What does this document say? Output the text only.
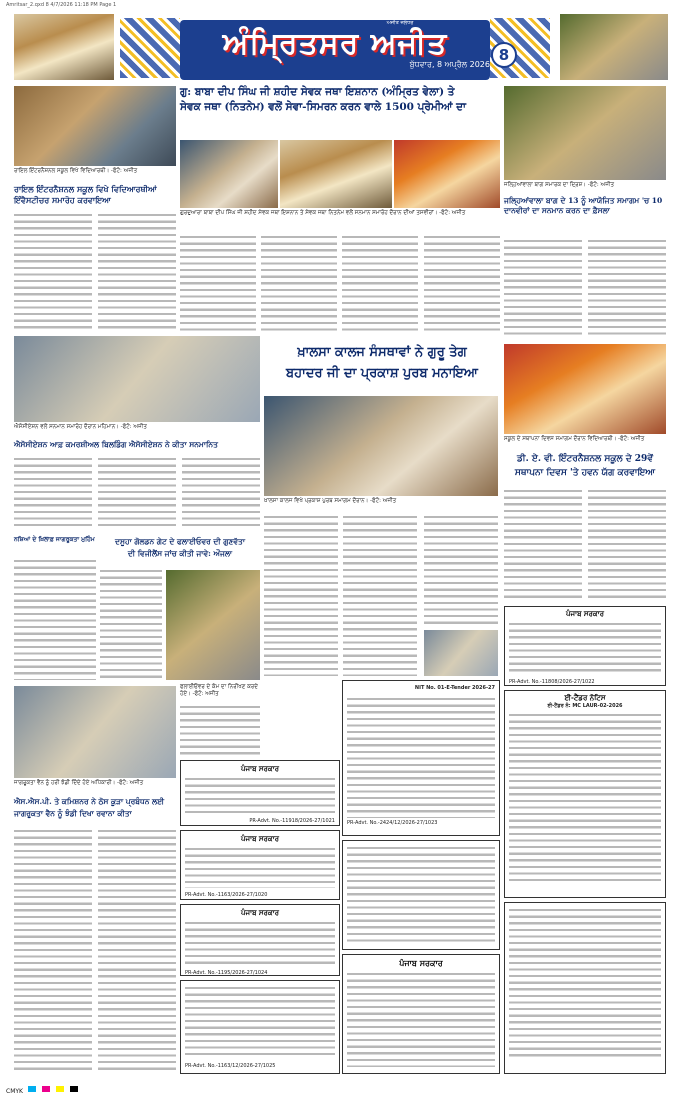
Amritsar_2.qxd 8 4/7/2026 11:18 PM Page 1
ਅਜੀਤ ਜਲੰਧਰ
ਅੰਮ੍ਰਿਤਸਰ ਅਜੀਤ
ਬੁੱਧਵਾਰ, 8 ਅਪ੍ਰੈਲ 2026
8
ਗੁ: ਬਾਬਾ ਦੀਪ ਸਿੰਘ ਜੀ ਸ਼ਹੀਦ ਸੇਵਕ ਜਥਾ ਇਸ਼ਨਾਨ (ਅੰਮ੍ਰਿਤ ਵੇਲਾ) ਤੇ
ਸੇਵਕ ਜਥਾ (ਨਿਤਨੇਮ) ਵਲੋਂ ਸੇਵਾ-ਸਿਮਰਨ ਕਰਨ ਵਾਲੇ 1500 ਪ੍ਰੇਮੀਆਂ ਦਾ
ਰਾਇਲ ਇੰਟਰਨੈਸ਼ਨਲ ਸਕੂਲ ਵਿਖੇ ਵਿਦਿਆਰਥੀ। -ਫੋਟੋ: ਅਜੀਤ
ਰਾਇਲ ਇੰਟਰਨੈਸ਼ਨਲ ਸਕੂਲ ਵਿਖੇ ਵਿਦਿਆਰਥੀਆਂ ਇੰਵੈਸਟੀਚਰ ਸਮਾਰੋਹ ਕਰਵਾਇਆ
ਗੁਰਦੁਆਰਾ ਬਾਬਾ ਦੀਪ ਸਿੰਘ ਜੀ ਸ਼ਹੀਦ ਸੇਵਕ ਜਥਾ ਇਸ਼ਨਾਨ ਤੇ ਸੇਵਕ ਜਥਾ ਨਿਤਨੇਮ ਵਲੋਂ ਸਨਮਾਨ ਸਮਾਰੋਹ ਦੌਰਾਨ ਦੀਆਂ ਤਸਵੀਰਾਂ। -ਫੋਟੋ: ਅਜੀਤ
ਜਲ੍ਹਿਆਂਵਾਲਾ ਬਾਗ ਸਮਾਰਕ ਦਾ ਦ੍ਰਿਸ਼। -ਫੋਟੋ: ਅਜੀਤ
ਜਲ੍ਹਿਆਂਵਾਲਾ ਬਾਗ ਦੇ 13 ਨੂੰ ਆਯੋਜਿਤ ਸਮਾਗਮ 'ਚ 10 ਦਾਨਵੀਰਾਂ ਦਾ ਸਨਮਾਨ ਕਰਨ ਦਾ ਫ਼ੈਸਲਾ
ਐਸੋਸੀਏਸ਼ਨ ਵਲੋਂ ਸਨਮਾਨ ਸਮਾਰੋਹ ਦੌਰਾਨ ਮਹਿਮਾਨ। -ਫੋਟੋ: ਅਜੀਤ
ਐਸੋਸੀਏਸ਼ਨ ਆਫ਼ ਕਮਰਸ਼ੀਅਲ ਬਿਲਡਿੰਗ ਐਸੋਸੀਏਸ਼ਨ ਨੇ ਕੀਤਾ ਸਨਮਾਨਿਤ
ਖ਼ਾਲਸਾ ਕਾਲਜ ਸੰਸਥਾਵਾਂ ਨੇ ਗੁਰੂ ਤੇਗ
ਬਹਾਦਰ ਜੀ ਦਾ ਪ੍ਰਕਾਸ਼ ਪੁਰਬ ਮਨਾਇਆ
ਖ਼ਾਲਸਾ ਕਾਲਜ ਵਿਖੇ ਪ੍ਰਕਾਸ਼ ਪੁਰਬ ਸਮਾਗਮ ਦੌਰਾਨ। -ਫੋਟੋ: ਅਜੀਤ
ਸਕੂਲ ਦੇ ਸਥਾਪਨਾ ਦਿਵਸ ਸਮਾਗਮ ਦੌਰਾਨ ਵਿਦਿਆਰਥੀ। -ਫੋਟੋ: ਅਜੀਤ
ਡੀ. ਏ. ਵੀ. ਇੰਟਰਨੈਸ਼ਨਲ ਸਕੂਲ ਦੇ 29ਵੇਂ
ਸਥਾਪਨਾ ਦਿਵਸ 'ਤੇ ਹਵਨ ਯੱਗ ਕਰਵਾਇਆ
ਦਸੂਹਾ ਗੋਲਡਨ ਗੇਟ ਦੇ ਫਲਾਈਓਵਰ ਦੀ ਗੁਣਵੱਤਾ
ਦੀ ਵਿਜੀਲੈਂਸ ਜਾਂਚ ਕੀਤੀ ਜਾਵੇ: ਔਜਲਾ
ਨਸ਼ਿਆਂ ਦੇ ਖ਼ਿਲਾਫ਼ ਜਾਗਰੂਕਤਾ ਮੁਹਿੰਮ
ਜਾਗਰੂਕਤਾ ਵੈਨ ਨੂੰ ਹਰੀ ਝੰਡੀ ਦਿੰਦੇ ਹੋਏ ਅਧਿਕਾਰੀ। -ਫੋਟੋ: ਅਜੀਤ
ਐਸ.ਐਸ.ਪੀ. ਤੇ ਕਮਿਸ਼ਨਰ ਨੇ ਠੋਸ ਕੂੜਾ ਪ੍ਰਬੰਧਨ ਲਈ
ਜਾਗਰੂਕਤਾ ਵੈਨ ਨੂੰ ਝੰਡੀ ਦਿਖਾ ਰਵਾਨਾ ਕੀਤਾ
ਫਲਾਈਓਵਰ ਦੇ ਕੰਮ ਦਾ ਨਿਰੀਖਣ ਕਰਦੇ ਹੋਏ। -ਫੋਟੋ: ਅਜੀਤ
ਪੰਜਾਬ ਸਰਕਾਰ
PR-Advt. No.-11918/2026-27/1021
ਪੰਜਾਬ ਸਰਕਾਰ
PR-Advt. No.-1163/2026-27/1020
ਪੰਜਾਬ ਸਰਕਾਰ
PR-Advt. No.-1195/2026-27/1024
PR-Advt. No.-1163/12/2026-27/1025
NIT No. 01-E-Tender 2026-27
PR-Advt. No.-2424/12/2026-27/1023
ਪੰਜਾਬ ਸਰਕਾਰ
ਪੰਜਾਬ ਸਰਕਾਰ
PR-Advt. No.-11808/2026-27/1022
ਈ-ਟੈਂਡਰ ਨੋਟਿਸ
ਈ-ਟੈਂਡਰ ਨੰ: MC LAUR-02-2026
CMYK
